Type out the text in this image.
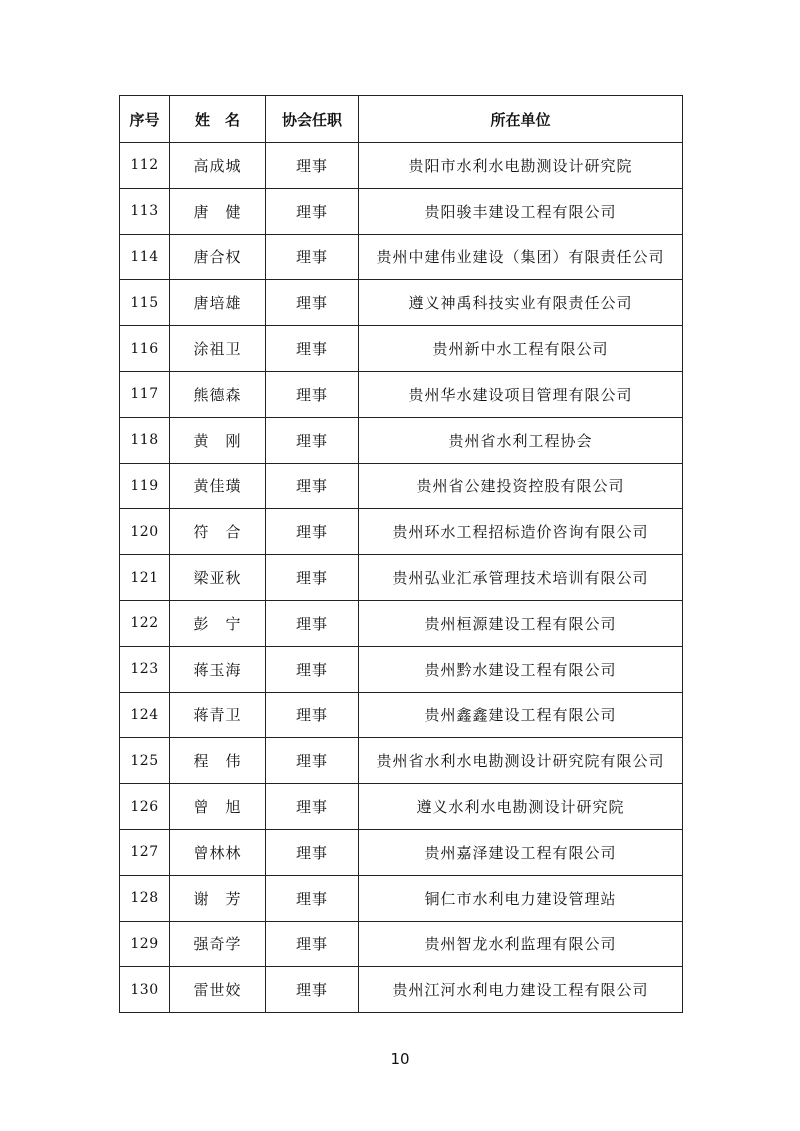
序号	姓　名	协会任职	所在单位
112	高成城	理事	贵阳市水利水电勘测设计研究院
113	唐　健	理事	贵阳骏丰建设工程有限公司
114	唐合权	理事	贵州中建伟业建设（集团）有限责任公司
115	唐培雄	理事	遵义神禹科技实业有限责任公司
116	涂祖卫	理事	贵州新中水工程有限公司
117	熊德森	理事	贵州华水建设项目管理有限公司
118	黄　刚	理事	贵州省水利工程协会
119	黄佳璜	理事	贵州省公建投资控股有限公司
120	符　合	理事	贵州环水工程招标造价咨询有限公司
121	梁亚秋	理事	贵州弘业汇承管理技术培训有限公司
122	彭　宁	理事	贵州桓源建设工程有限公司
123	蒋玉海	理事	贵州黔水建设工程有限公司
124	蒋青卫	理事	贵州鑫鑫建设工程有限公司
125	程　伟	理事	贵州省水利水电勘测设计研究院有限公司
126	曾　旭	理事	遵义水利水电勘测设计研究院
127	曾林林	理事	贵州嘉泽建设工程有限公司
128	谢　芳	理事	铜仁市水利电力建设管理站
129	强奇学	理事	贵州智龙水利监理有限公司
130	雷世姣	理事	贵州江河水利电力建设工程有限公司
10
